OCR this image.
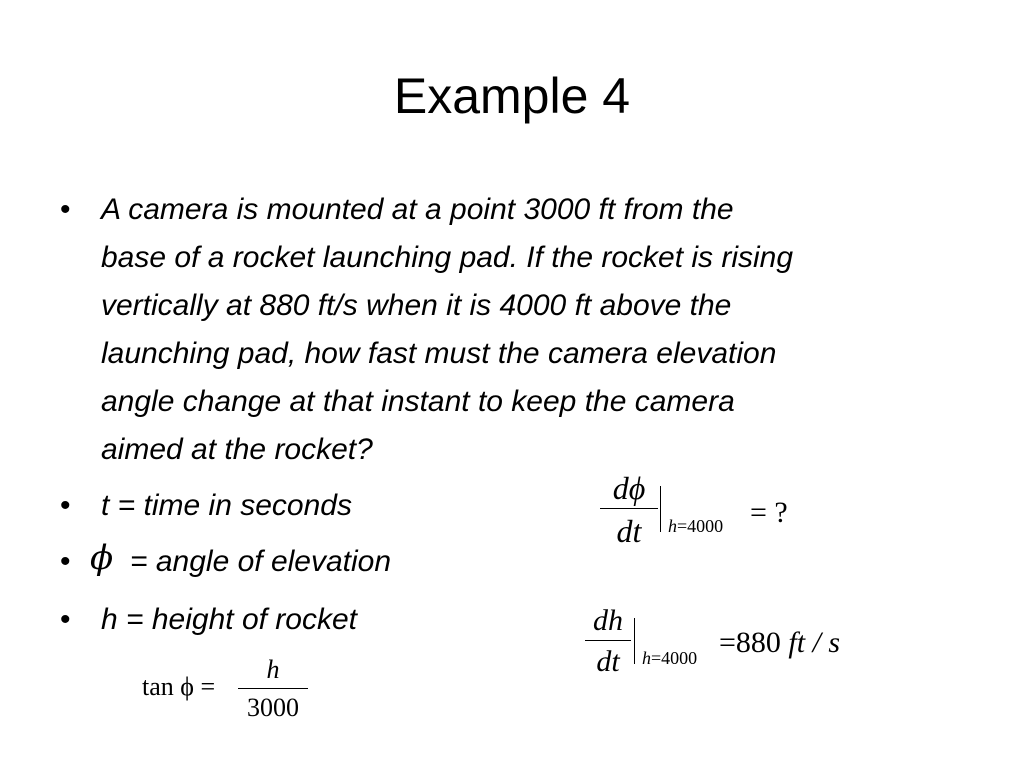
Example 4
•	A camera is mounted at a point 3000 ft from the
base of a rocket launching pad. If the rocket is rising
vertically at 880 ft/s when it is 4000 ft above the
launching pad, how fast must the camera elevation
angle change at that instant to keep the camera
aimed at the rocket?
•	t = time in seconds
• ϕ = angle of elevation
•	h = height of rocket
dϕ
dt	h=4000 = ?
dh
dt	h=4000 =880 ft / s
tan ϕ =
h
3000
